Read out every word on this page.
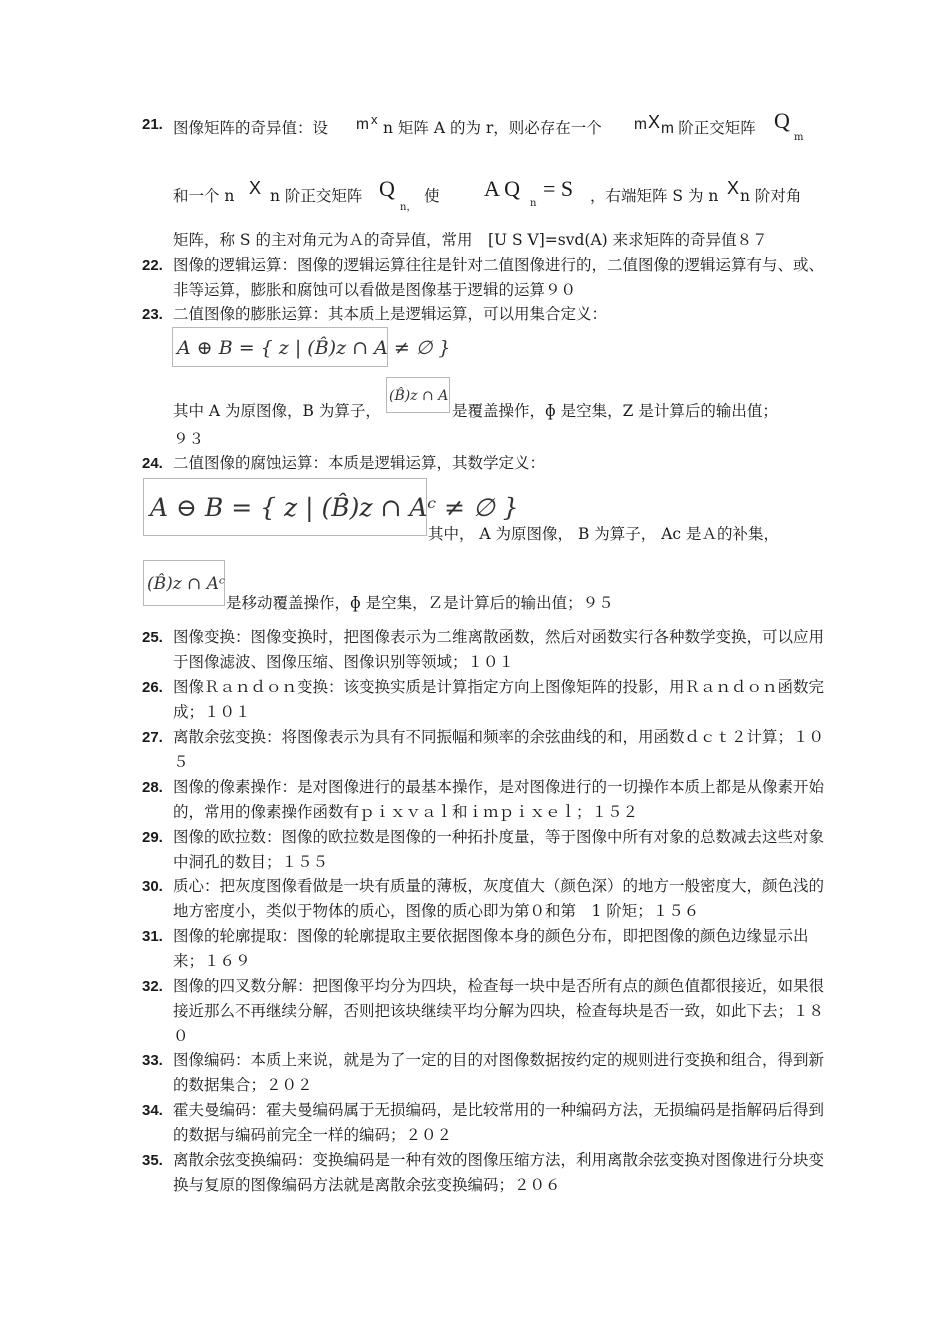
21. 图像矩阵的奇异值：设 m x n 矩阵 A 的为 r，则必存在一个 m X m 阶正交矩阵 Q
m
和一个 n X n 阶正交矩阵 Q
n，
使 A Q
n
= S ，右端矩阵 S 为 n X n 阶对角
矩阵，称 S 的主对角元为Ａ的奇异值，常用　[U S V]=svd(A) 来求矩阵的奇异值８７
22. 图像的逻辑运算：图像的逻辑运算往往是针对二值图像进行的，二值图像的逻辑运算有与、或、非等运算，膨胀和腐蚀可以看做是图像基于逻辑的运算９０
23. 二值图像的膨胀运算：其本质上是逻辑运算，可以用集合定义：
A ⊕ B = { z | (B̂)z ∩ A ≠ ∅ }
(B̂)z ∩ A
其中 A 为原图像，B 为算子，	是覆盖操作，ɸ 是空集，Z 是计算后的输出值；
９３
24. 二值图像的腐蚀运算：本质是逻辑运算，其数学定义：
A ⊖ B = { z | (B̂)z ∩ Aᶜ ≠ ∅ }
其中， A 为原图像， B 为算子， Ac 是Ａ的补集，
(B̂)z ∩ Aᶜ
是移动覆盖操作，ɸ 是空集，Ｚ是计算后的输出值；９５
25. 图像变换：图像变换时，把图像表示为二维离散函数，然后对函数实行各种数学变换，可以应用于图像滤波、图像压缩、图像识别等领域；１０１
26. 图像Ｒａｎｄｏｎ变换：该变换实质是计算指定方向上图像矩阵的投影，用Ｒａｎｄｏｎ函数完成；１０１
27. 离散余弦变换：将图像表示为具有不同振幅和频率的余弦曲线的和，用函数ｄｃｔ２计算；１０５
28. 图像的像素操作：是对图像进行的最基本操作，是对图像进行的一切操作本质上都是从像素开始的，常用的像素操作函数有ｐｉｘｖａｌ和ｉｍｐｉｘｅｌ；１５２
29. 图像的欧拉数：图像的欧拉数是图像的一种拓扑度量，等于图像中所有对象的总数减去这些对象中洞孔的数目；１５５
30. 质心：把灰度图像看做是一块有质量的薄板，灰度值大（颜色深）的地方一般密度大，颜色浅的地方密度小，类似于物体的质心，图像的质心即为第０和第　1 阶矩；１５６
31. 图像的轮廓提取：图像的轮廓提取主要依据图像本身的颜色分布，即把图像的颜色边缘显示出来；１６９
32. 图像的四叉数分解：把图像平均分为四块，检查每一块中是否所有点的颜色值都很接近，如果很接近那么不再继续分解，否则把该块继续平均分解为四块，检查每块是否一致，如此下去；１８０
33. 图像编码：本质上来说，就是为了一定的目的对图像数据按约定的规则进行变换和组合，得到新的数据集合；２０２
34. 霍夫曼编码：霍夫曼编码属于无损编码，是比较常用的一种编码方法，无损编码是指解码后得到的数据与编码前完全一样的编码；２０２
35. 离散余弦变换编码：变换编码是一种有效的图像压缩方法，利用离散余弦变换对图像进行分块变换与复原的图像编码方法就是离散余弦变换编码；２０６
